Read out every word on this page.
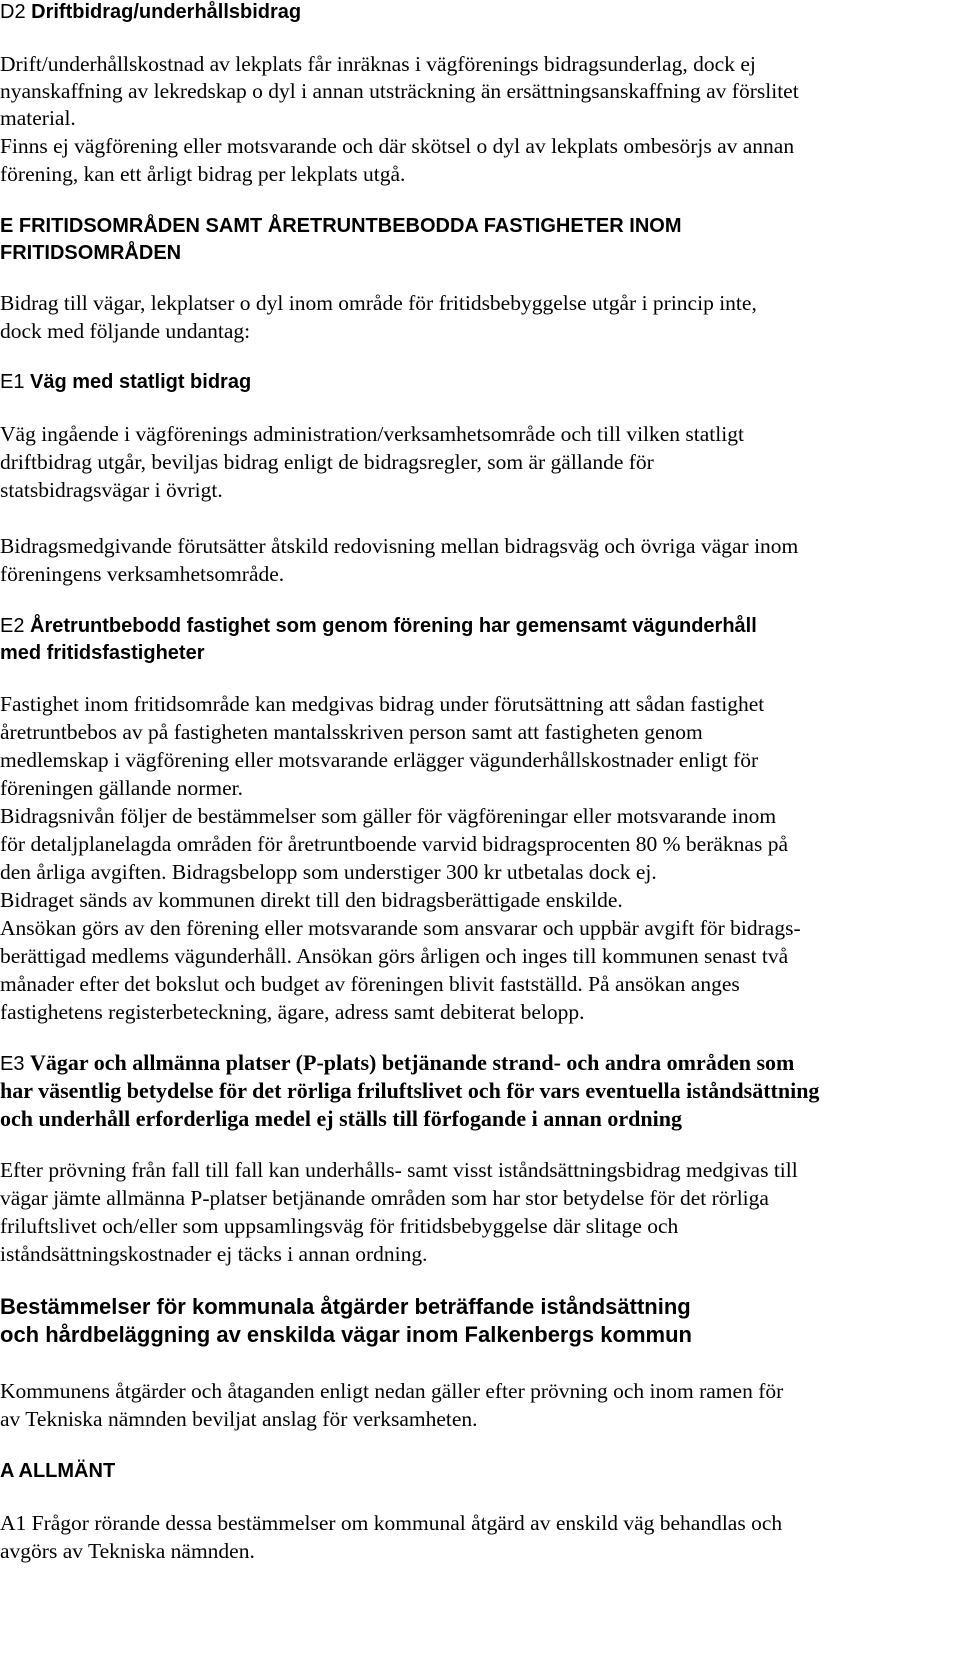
D2 Driftbidrag/underhållsbidrag
Drift/underhållskostnad av lekplats får inräknas i vägförenings bidragsunderlag, dock ej
nyanskaffning av lekredskap o dyl i annan utsträckning än ersättningsanskaffning av förslitet
material.
Finns ej vägförening eller motsvarande och där skötsel o dyl av lekplats ombesörjs av annan
förening, kan ett årligt bidrag per lekplats utgå.
E FRITIDSOMRÅDEN SAMT ÅRETRUNTBEBODDA FASTIGHETER INOM
FRITIDSOMRÅDEN
Bidrag till vägar, lekplatser o dyl inom område för fritidsbebyggelse utgår i princip inte,
dock med följande undantag:
E1 Väg med statligt bidrag
Väg ingående i vägförenings administration/verksamhetsområde och till vilken statligt
driftbidrag utgår, beviljas bidrag enligt de bidragsregler, som är gällande för
statsbidragsvägar i övrigt.
Bidragsmedgivande förutsätter åtskild redovisning mellan bidragsväg och övriga vägar inom
föreningens verksamhetsområde.
E2 Åretruntbebodd fastighet som genom förening har gemensamt vägunderhåll
med fritidsfastigheter
Fastighet inom fritidsområde kan medgivas bidrag under förutsättning att sådan fastighet
åretruntbebos av på fastigheten mantalsskriven person samt att fastigheten genom
medlemskap i vägförening eller motsvarande erlägger vägunderhållskostnader enligt för
föreningen gällande normer.
Bidragsnivån följer de bestämmelser som gäller för vägföreningar eller motsvarande inom
för detaljplanelagda områden för åretruntboende varvid bidragsprocenten 80 % beräknas på
den årliga avgiften. Bidragsbelopp som understiger 300 kr utbetalas dock ej.
Bidraget sänds av kommunen direkt till den bidragsberättigade enskilde.
Ansökan görs av den förening eller motsvarande som ansvarar och uppbär avgift för bidrags-
berättigad medlems vägunderhåll. Ansökan görs årligen och inges till kommunen senast två
månader efter det bokslut och budget av föreningen blivit fastställd. På ansökan anges
fastighetens registerbeteckning, ägare, adress samt debiterat belopp.
E3 Vägar och allmänna platser (P-plats) betjänande strand- och andra områden som
har väsentlig betydelse för det rörliga friluftslivet och för vars eventuella iståndsättning
och underhåll erforderliga medel ej ställs till förfogande i annan ordning
Efter prövning från fall till fall kan underhålls- samt visst iståndsättningsbidrag medgivas till
vägar jämte allmänna P-platser betjänande områden som har stor betydelse för det rörliga
friluftslivet och/eller som uppsamlingsväg för fritidsbebyggelse där slitage och
iståndsättningskostnader ej täcks i annan ordning.
Bestämmelser för kommunala åtgärder beträffande iståndsättning
och hårdbeläggning av enskilda vägar inom Falkenbergs kommun
Kommunens åtgärder och åtaganden enligt nedan gäller efter prövning och inom ramen för
av Tekniska nämnden beviljat anslag för verksamheten.
A ALLMÄNT
A1 Frågor rörande dessa bestämmelser om kommunal åtgärd av enskild väg behandlas och
avgörs av Tekniska nämnden.
